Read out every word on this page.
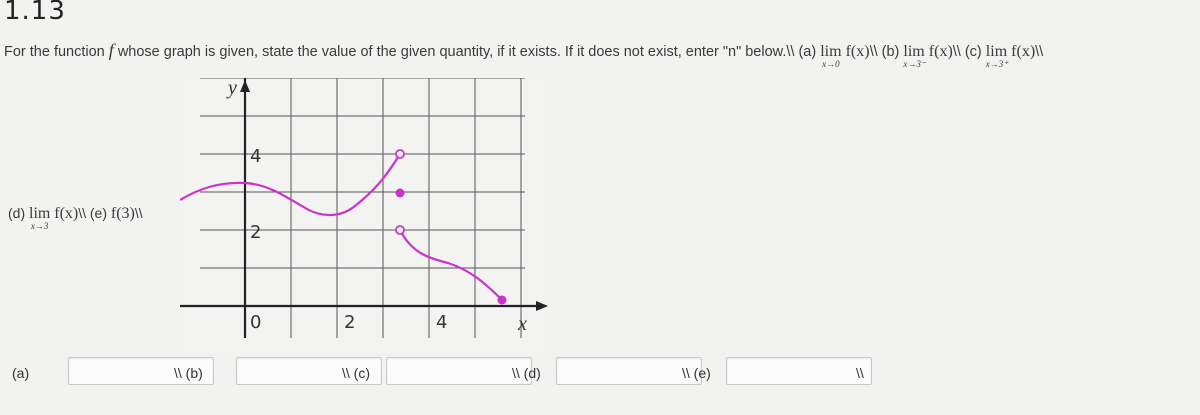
1.13
For the function f whose graph is given, state the value of the given quantity, if it exists. If it does not exist, enter "n" below.\\ (a) lim
x→0
f(x)\\ (b) lim
x→3⁻
f(x)\\ (c) lim
x→3⁺
f(x)\\
(d) lim
x→3
f(x)\\ (e) f(3)\\
y
x
4
2
0	2	4
(a)	\\ (b)	\\ (c)	\\ (d)	\\ (e)	\\
